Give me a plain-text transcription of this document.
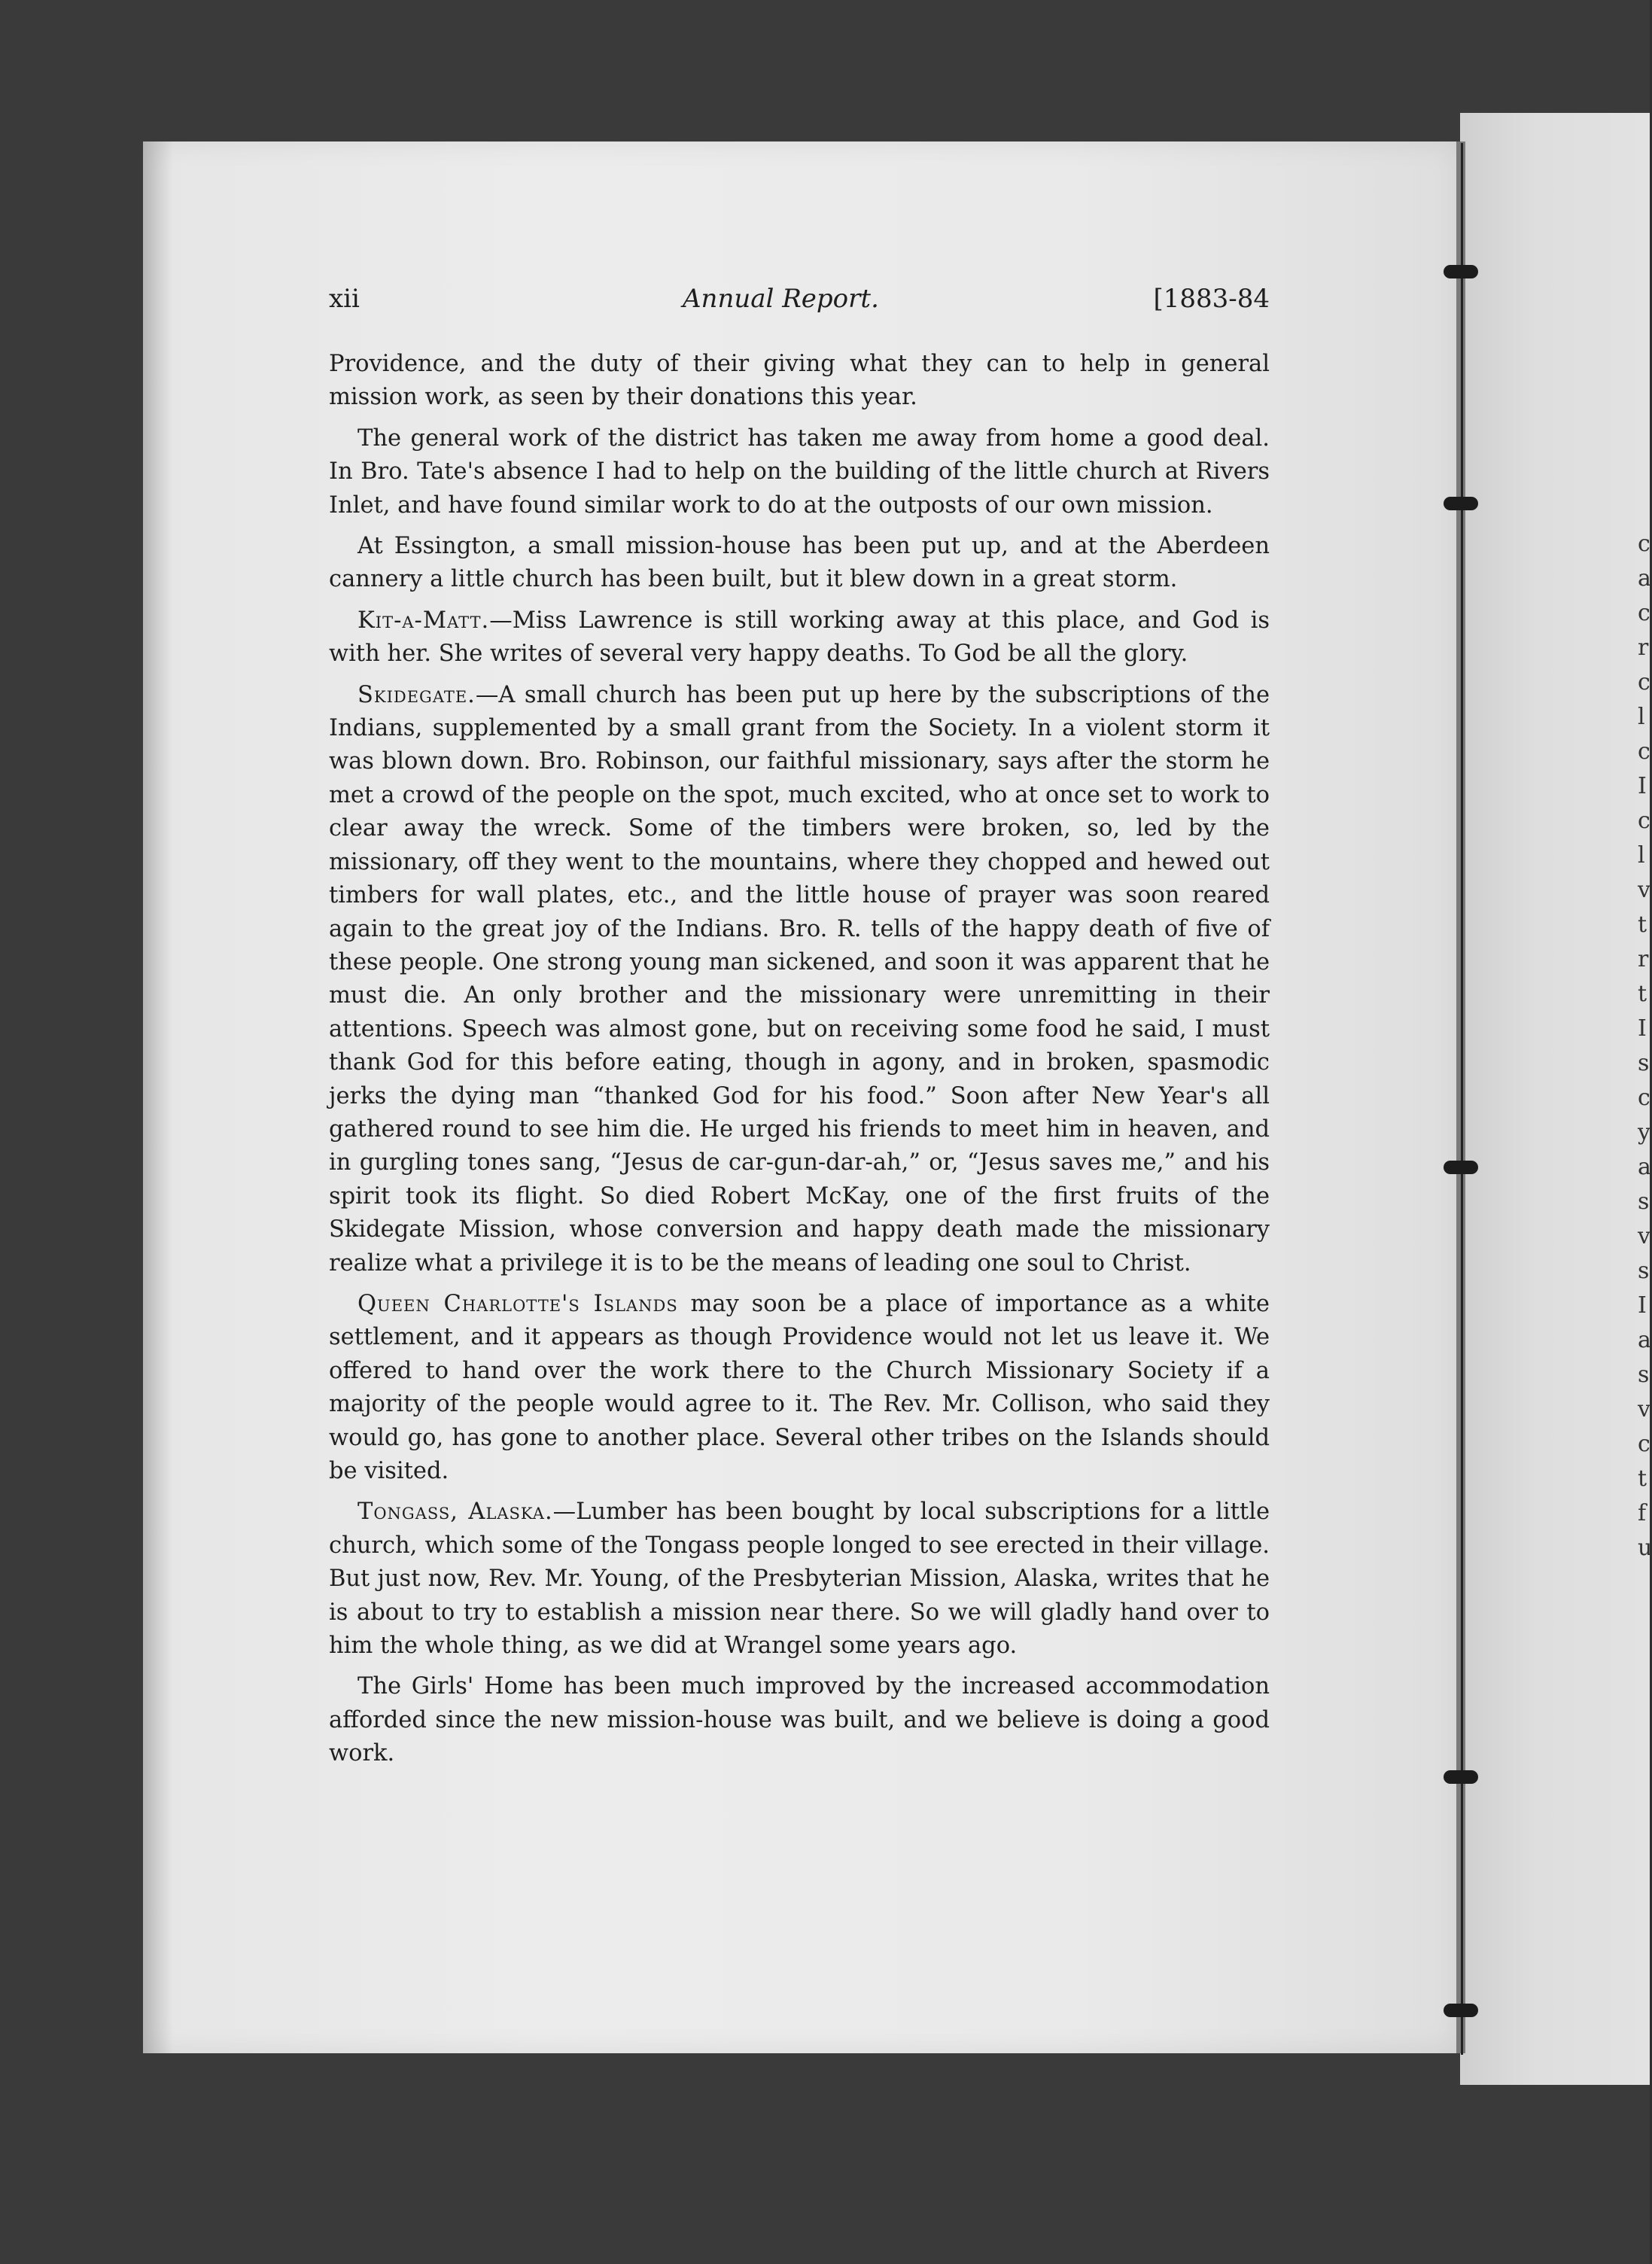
c
a
c
r
c
l
c
I
c
l
v
t
r
t
I
s
c
y
a
s
v
s
I
a
s
v
c
t
f
u
xii	Annual Report.	[1883-84

Providence, and the duty of their giving what they can to help in general mission work, as seen by their donations this year.

The general work of the district has taken me away from home a good deal. In Bro. Tate's absence I had to help on the building of the little church at Rivers Inlet, and have found similar work to do at the outposts of our own mission.

At Essington, a small mission-house has been put up, and at the Aberdeen cannery a little church has been built, but it blew down in a great storm.

Kit-a-Matt.—Miss Lawrence is still working away at this place, and God is with her. She writes of several very happy deaths. To God be all the glory.

Skidegate.—A small church has been put up here by the subscriptions of the Indians, supplemented by a small grant from the Society. In a violent storm it was blown down. Bro. Robinson, our faithful missionary, says after the storm he met a crowd of the people on the spot, much excited, who at once set to work to clear away the wreck. Some of the timbers were broken, so, led by the missionary, off they went to the mountains, where they chopped and hewed out timbers for wall plates, etc., and the little house of prayer was soon reared again to the great joy of the Indians. Bro. R. tells of the happy death of five of these people. One strong young man sickened, and soon it was apparent that he must die. An only brother and the missionary were unremitting in their attentions. Speech was almost gone, but on receiving some food he said, I must thank God for this before eating, though in agony, and in broken, spasmodic jerks the dying man “thanked God for his food.” Soon after New Year's all gathered round to see him die. He urged his friends to meet him in heaven, and in gurgling tones sang, “Jesus de car-gun-dar-ah,” or, “Jesus saves me,” and his spirit took its flight. So died Robert McKay, one of the first fruits of the Skidegate Mission, whose conversion and happy death made the missionary realize what a privilege it is to be the means of leading one soul to Christ.

Queen Charlotte's Islands may soon be a place of importance as a white settlement, and it appears as though Providence would not let us leave it. We offered to hand over the work there to the Church Missionary Society if a majority of the people would agree to it. The Rev. Mr. Collison, who said they would go, has gone to another place. Several other tribes on the Islands should be visited.

Tongass, Alaska.—Lumber has been bought by local subscriptions for a little church, which some of the Tongass people longed to see erected in their village. But just now, Rev. Mr. Young, of the Presbyterian Mission, Alaska, writes that he is about to try to establish a mission near there. So we will gladly hand over to him the whole thing, as we did at Wrangel some years ago.

The Girls' Home has been much improved by the increased accommodation afforded since the new mission-house was built, and we believe is doing a good work.
